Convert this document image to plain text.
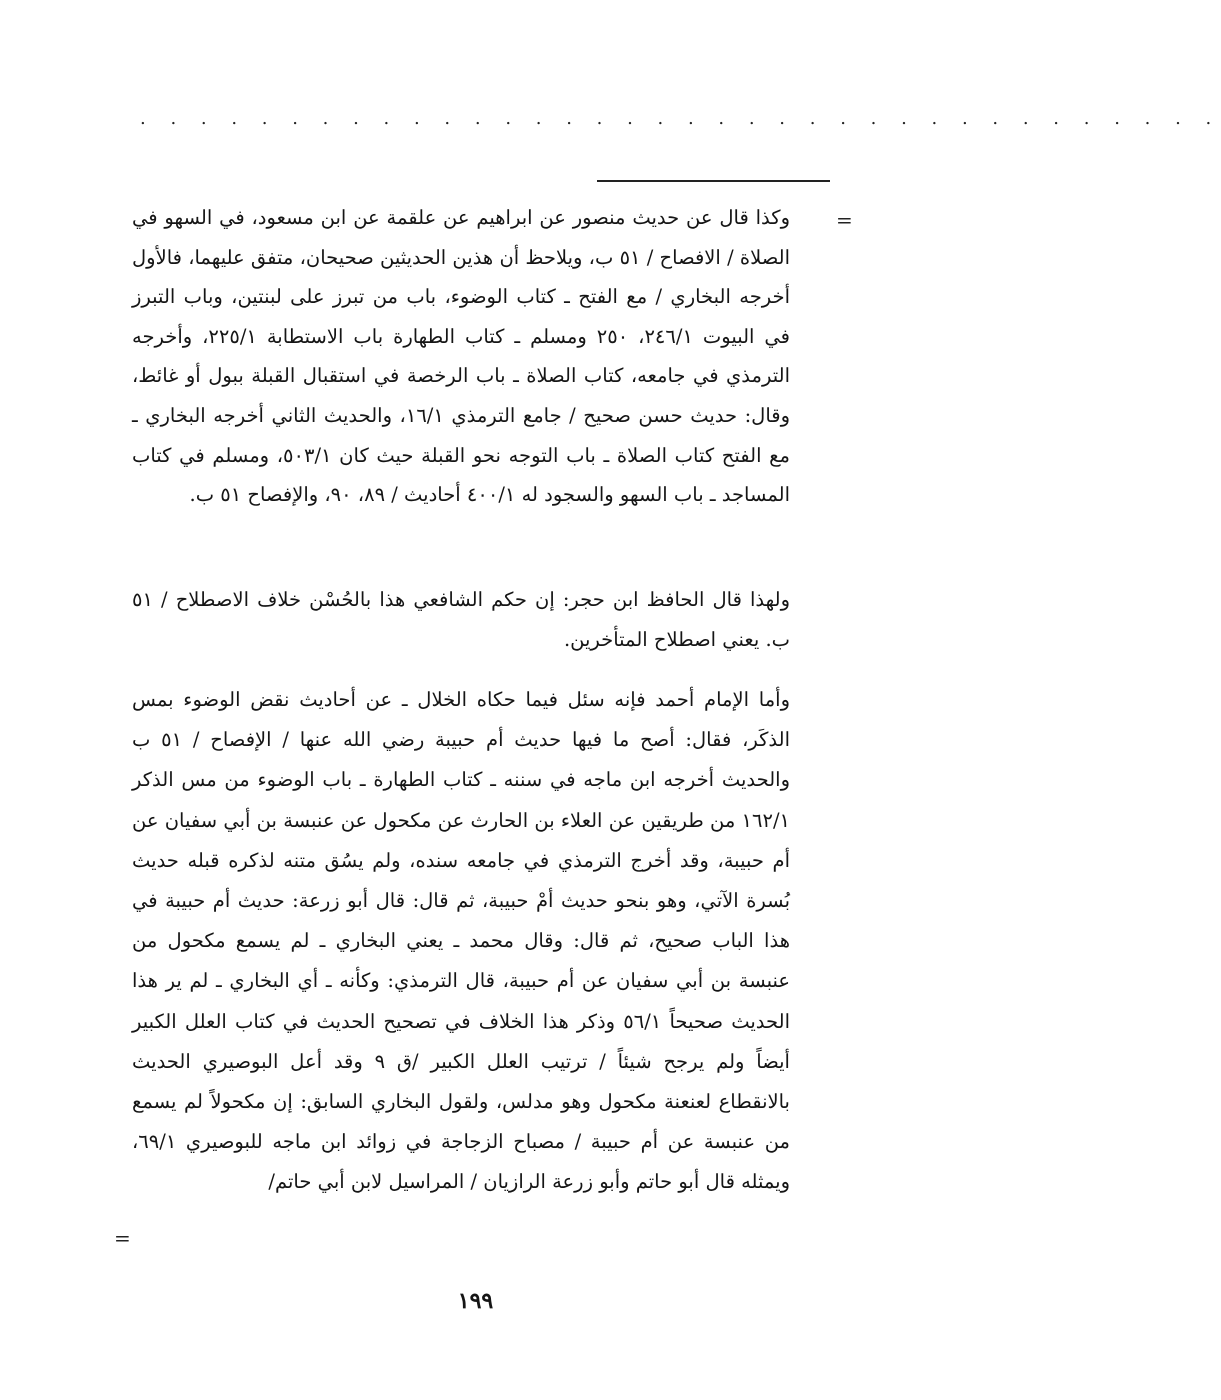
. . . . . . . . . . . . . . . . . . . . . . . . . . . . . . . . . . . .
=

وكذا قال عن حديث منصور عن ابراهيم عن علقمة عن ابن مسعود، في السهو في الصلاة / الافصاح / ٥١ ب، ويلاحظ أن هذين الحديثين صحيحان، متفق عليهما، فالأول أخرجه البخاري / مع الفتح ـ كتاب الوضوء، باب من تبرز على لبنتين، وباب التبرز في البيوت ٢٤٦/١، ٢٥٠ ومسلم ـ كتاب الطهارة باب الاستطابة ٢٢٥/١، وأخرجه الترمذي في جامعه، كتاب الصلاة ـ باب الرخصة في استقبال القبلة ببول أو غائط، وقال: حديث حسن صحيح / جامع الترمذي ١٦/١، والحديث الثاني أخرجه البخاري ـ مع الفتح كتاب الصلاة ـ باب التوجه نحو القبلة حيث كان ٥٠٣/١، ومسلم في كتاب المساجد ـ باب السهو والسجود له ٤٠٠/١ أحاديث / ٨٩، ٩٠، والإفصاح ٥١ ب.

ولهذا قال الحافظ ابن حجر: إن حكم الشافعي هذا بالحُسْن خلاف الاصطلاح / ٥١ ب. يعني اصطلاح المتأخرين.

وأما الإمام أحمد فإنه سئل فيما حكاه الخلال ـ عن أحاديث نقض الوضوء بمس الذكَر، فقال: أصح ما فيها حديث أم حبيبة رضي الله عنها / الإفصاح / ٥١ ب والحديث أخرجه ابن ماجه في سننه ـ كتاب الطهارة ـ باب الوضوء من مس الذكر ١٦٢/١ من طريقين عن العلاء بن الحارث عن مكحول عن عنبسة بن أبي سفيان عن أم حبيبة، وقد أخرج الترمذي في جامعه سنده، ولم يسُق متنه لذكره قبله حديث بُسرة الآتي، وهو بنحو حديث أمْ حبيبة، ثم قال: قال أبو زرعة: حديث أم حبيبة في هذا الباب صحيح، ثم قال: وقال محمد ـ يعني البخاري ـ لم يسمع مكحول من عنبسة بن أبي سفيان عن أم حبيبة، قال الترمذي: وكأنه ـ أي البخاري ـ لم ير هذا الحديث صحيحاً ٥٦/١ وذكر هذا الخلاف في تصحيح الحديث في كتاب العلل الكبير أيضاً ولم يرجح شيئاً / ترتيب العلل الكبير /ق ٩ وقد أعل البوصيري الحديث بالانقطاع لعنعنة مكحول وهو مدلس، ولقول البخاري السابق: إن مكحولاً لم يسمع من عنبسة عن أم حبيبة / مصباح الزجاجة في زوائد ابن ماجه للبوصيري ٦٩/١، ويمثله قال أبو حاتم وأبو زرعة الرازيان / المراسيل لابن أبي حاتم/

=
١٩٩
